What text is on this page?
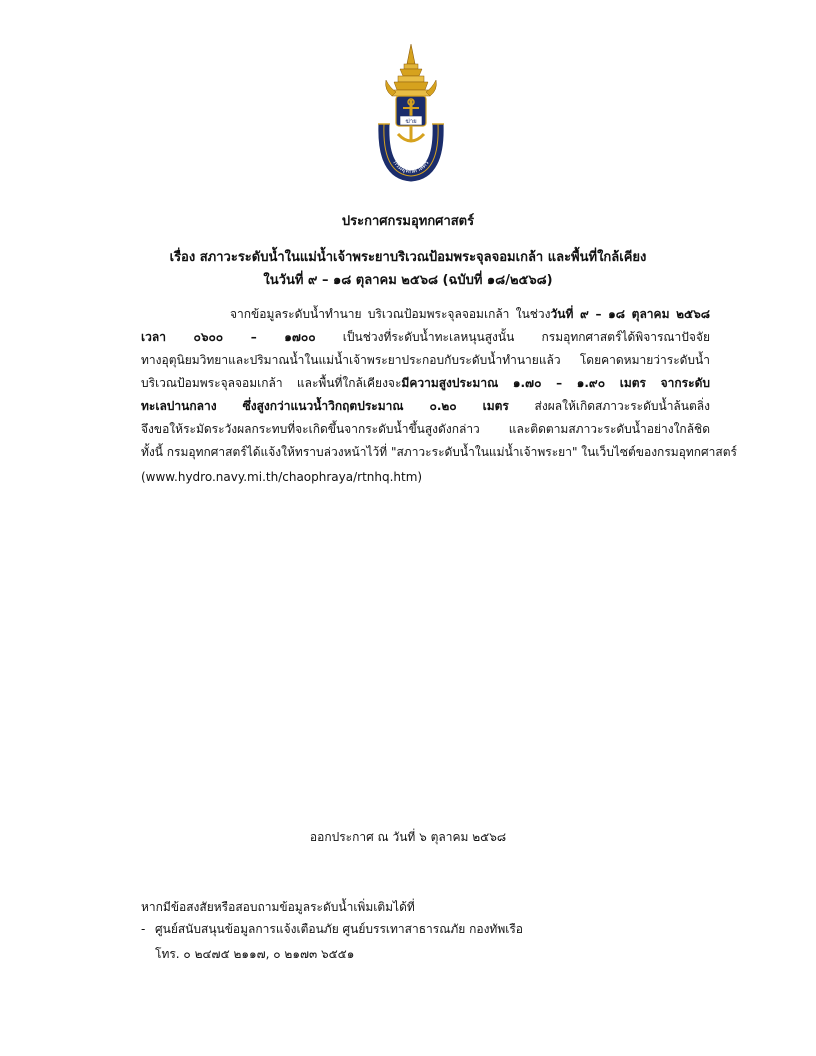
ฆ่าย
กรมอุทกศาสตร์
ประกาศกรมอุทกศาสตร์
เรื่อง สภาวะระดับน้ำในแม่น้ำเจ้าพระยาบริเวณป้อมพระจุลจอมเกล้า และพื้นที่ใกล้เคียง
ในวันที่ ๙ – ๑๘ ตุลาคม ๒๕๖๘ (ฉบับที่ ๑๘/๒๕๖๘)
จากข้อมูลระดับน้ำทำนาย บริเวณป้อมพระจุลจอมเกล้า ในช่วงวันที่ ๙ – ๑๘ ตุลาคม ๒๕๖๘
เวลา ๐๖๐๐ – ๑๗๐๐ เป็นช่วงที่ระดับน้ำทะเลหนุนสูงนั้น กรมอุทกศาสตร์ได้พิจารณาปัจจัย
ทางอุตุนิยมวิทยาและปริมาณน้ำในแม่น้ำเจ้าพระยาประกอบกับระดับน้ำทำนายแล้ว โดยคาดหมายว่าระดับน้ำ
บริเวณป้อมพระจุลจอมเกล้า และพื้นที่ใกล้เคียงจะมีความสูงประมาณ ๑.๗๐ – ๑.๙๐ เมตร จากระดับ
ทะเลปานกลาง ซึ่งสูงกว่าแนวน้ำวิกฤตประมาณ ๐.๒๐ เมตร ส่งผลให้เกิดสภาวะระดับน้ำล้นตลิ่ง
จึงขอให้ระมัดระวังผลกระทบที่จะเกิดขึ้นจากระดับน้ำขึ้นสูงดังกล่าว และติดตามสภาวะระดับน้ำอย่างใกล้ชิด
ทั้งนี้ กรมอุทกศาสตร์ได้แจ้งให้ทราบล่วงหน้าไว้ที่ "สภาวะระดับน้ำในแม่น้ำเจ้าพระยา" ในเว็บไซต์ของกรมอุทกศาสตร์
(www.hydro.navy.mi.th/chaophraya/rtnhq.htm)
ออกประกาศ ณ วันที่ ๖ ตุลาคม ๒๕๖๘
หากมีข้อสงสัยหรือสอบถามข้อมูลระดับน้ำเพิ่มเติมได้ที่
- ศูนย์สนับสนุนข้อมูลการแจ้งเตือนภัย ศูนย์บรรเทาสาธารณภัย กองทัพเรือ
โทร. ๐ ๒๔๗๕ ๒๑๑๗, ๐ ๒๑๗๓ ๖๕๕๑
